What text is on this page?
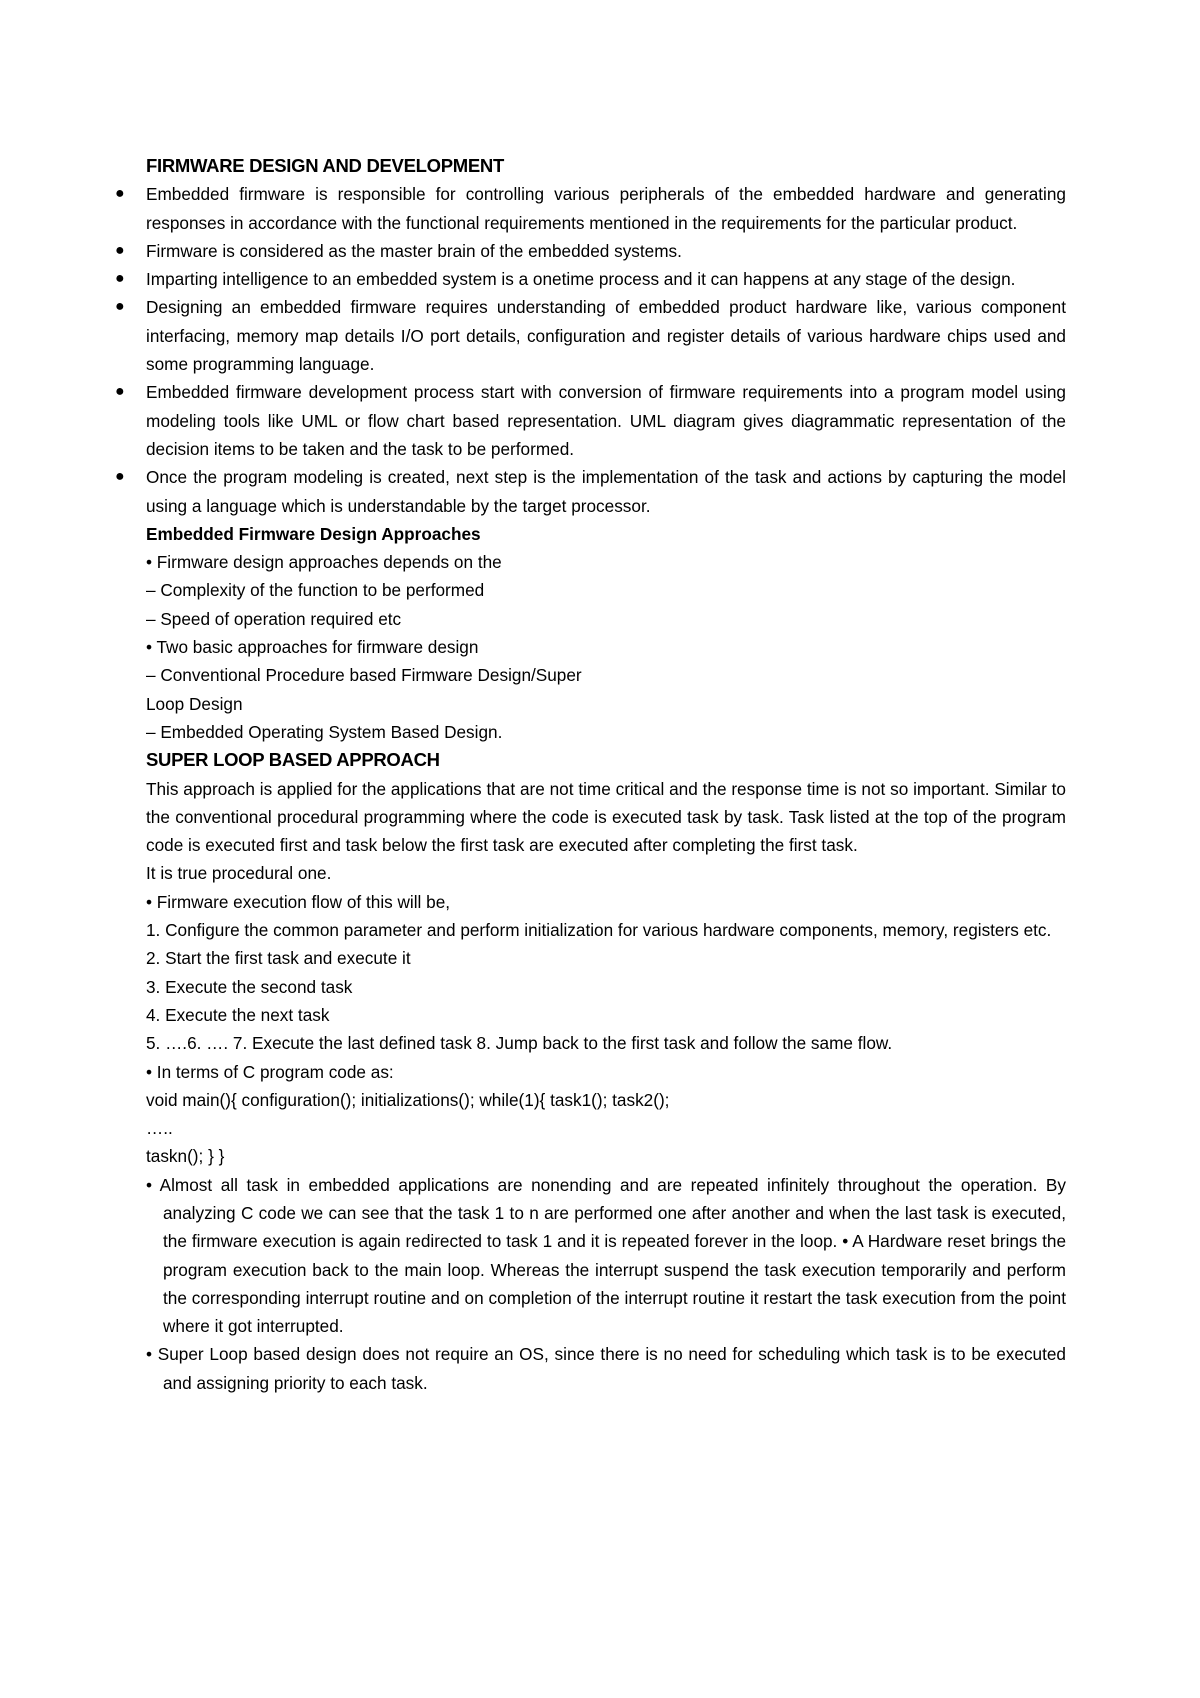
FIRMWARE DESIGN AND DEVELOPMENT
● Embedded firmware is responsible for controlling various peripherals of the embedded hardware and generating responses in accordance with the functional requirements mentioned in the requirements for the particular product.
● Firmware is considered as the master brain of the embedded systems.
● Imparting intelligence to an embedded system is a onetime process and it can happens at any stage of the design.
● Designing an embedded firmware requires understanding of embedded product hardware like, various component interfacing, memory map details I/O port details, configuration and register details of various hardware chips used and some programming language.
● Embedded firmware development process start with conversion of firmware requirements into a program model using modeling tools like UML or flow chart based representation. UML diagram gives diagrammatic representation of the decision items to be taken and the task to be performed.
● Once the program modeling is created, next step is the implementation of the task and actions by capturing the model using a language which is understandable by the target processor.
Embedded Firmware Design Approaches
• Firmware design approaches depends on the
– Complexity of the function to be performed
– Speed of operation required etc
• Two basic approaches for firmware design
– Conventional Procedure based Firmware Design/Super
Loop Design
– Embedded Operating System Based Design.
SUPER LOOP BASED APPROACH
This approach is applied for the applications that are not time critical and the response time is not so important. Similar to the conventional procedural programming where the code is executed task by task. Task listed at the top of the program code is executed first and task below the first task are executed after completing the first task.
It is true procedural one.
• Firmware execution flow of this will be,
1. Configure the common parameter and perform initialization for various hardware components, memory, registers etc.
2. Start the first task and execute it
3. Execute the second task
4. Execute the next task
5. ….6. …. 7. Execute the last defined task 8. Jump back to the first task and follow the same flow.
• In terms of C program code as:
void main(){ configuration(); initializations(); while(1){ task1(); task2();
…..
taskn(); } }
• Almost all task in embedded applications are nonending and are repeated infinitely throughout the operation. By analyzing C code we can see that the task 1 to n are performed one after another and when the last task is executed, the firmware execution is again redirected to task 1 and it is repeated forever in the loop. • A Hardware reset brings the program execution back to the main loop. Whereas the interrupt suspend the task execution temporarily and perform the corresponding interrupt routine and on completion of the interrupt routine it restart the task execution from the point where it got interrupted.
• Super Loop based design does not require an OS, since there is no need for scheduling which task is to be executed and assigning priority to each task.
